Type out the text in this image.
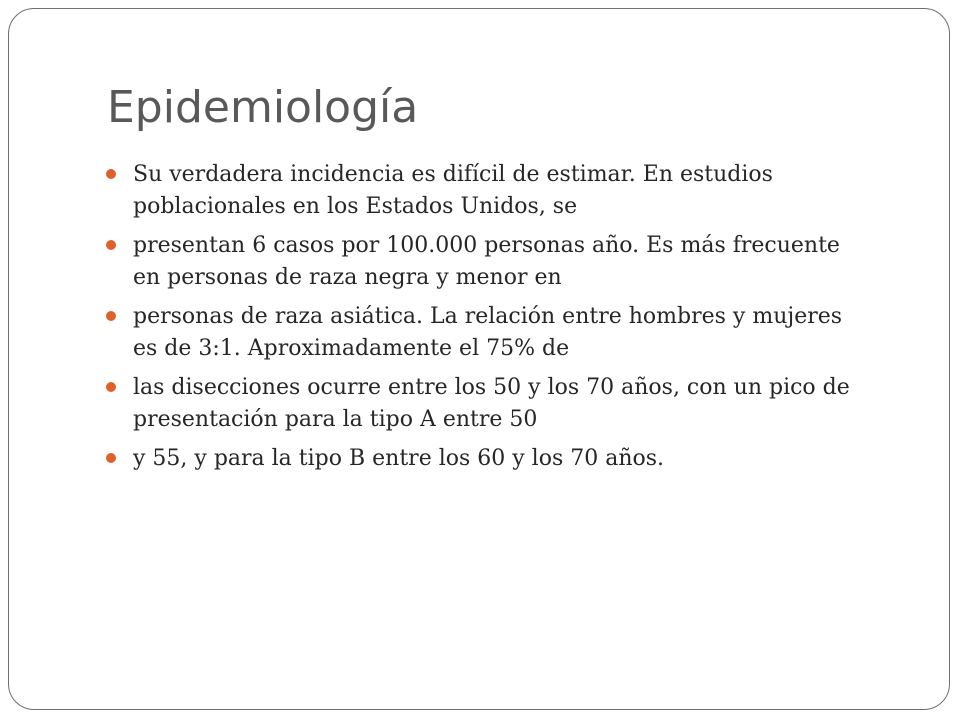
Epidemiología
Su verdadera incidencia es difícil de estimar. En estudios poblacionales en los Estados Unidos, se
presentan 6 casos por 100.000 personas año. Es más frecuente en personas de raza negra y menor en
personas de raza asiática. La relación entre hombres y mujeres es de 3:1. Aproximadamente el 75% de
las disecciones ocurre entre los 50 y los 70 años, con un pico de presentación para la tipo A entre 50
y 55, y para la tipo B entre los 60 y los 70 años.
